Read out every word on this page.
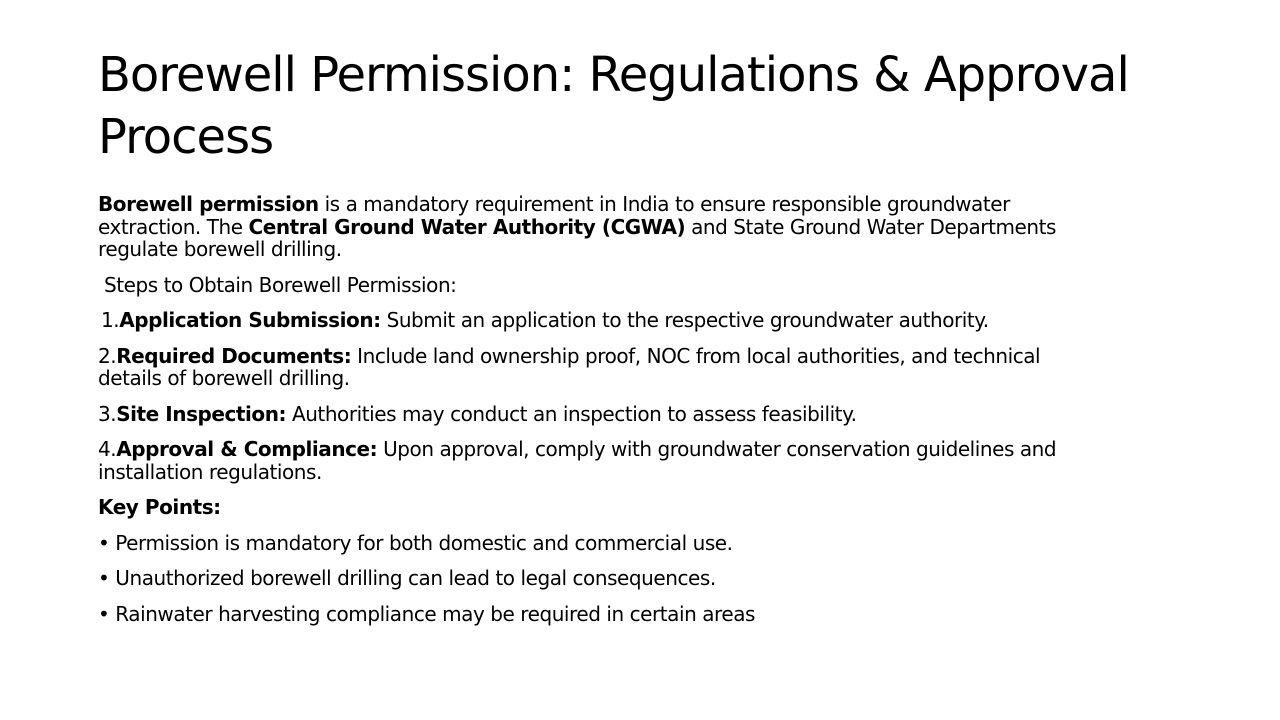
Borewell Permission: Regulations & Approval Process

Borewell permission is a mandatory requirement in India to ensure responsible groundwater
extraction. The Central Ground Water Authority (CGWA) and State Ground Water Departments
regulate borewell drilling.

Steps to Obtain Borewell Permission:

1.Application Submission: Submit an application to the respective groundwater authority.

2.Required Documents: Include land ownership proof, NOC from local authorities, and technical
details of borewell drilling.

3.Site Inspection: Authorities may conduct an inspection to assess feasibility.

4.Approval & Compliance: Upon approval, comply with groundwater conservation guidelines and
installation regulations.

Key Points:

• Permission is mandatory for both domestic and commercial use.

• Unauthorized borewell drilling can lead to legal consequences.

• Rainwater harvesting compliance may be required in certain areas
